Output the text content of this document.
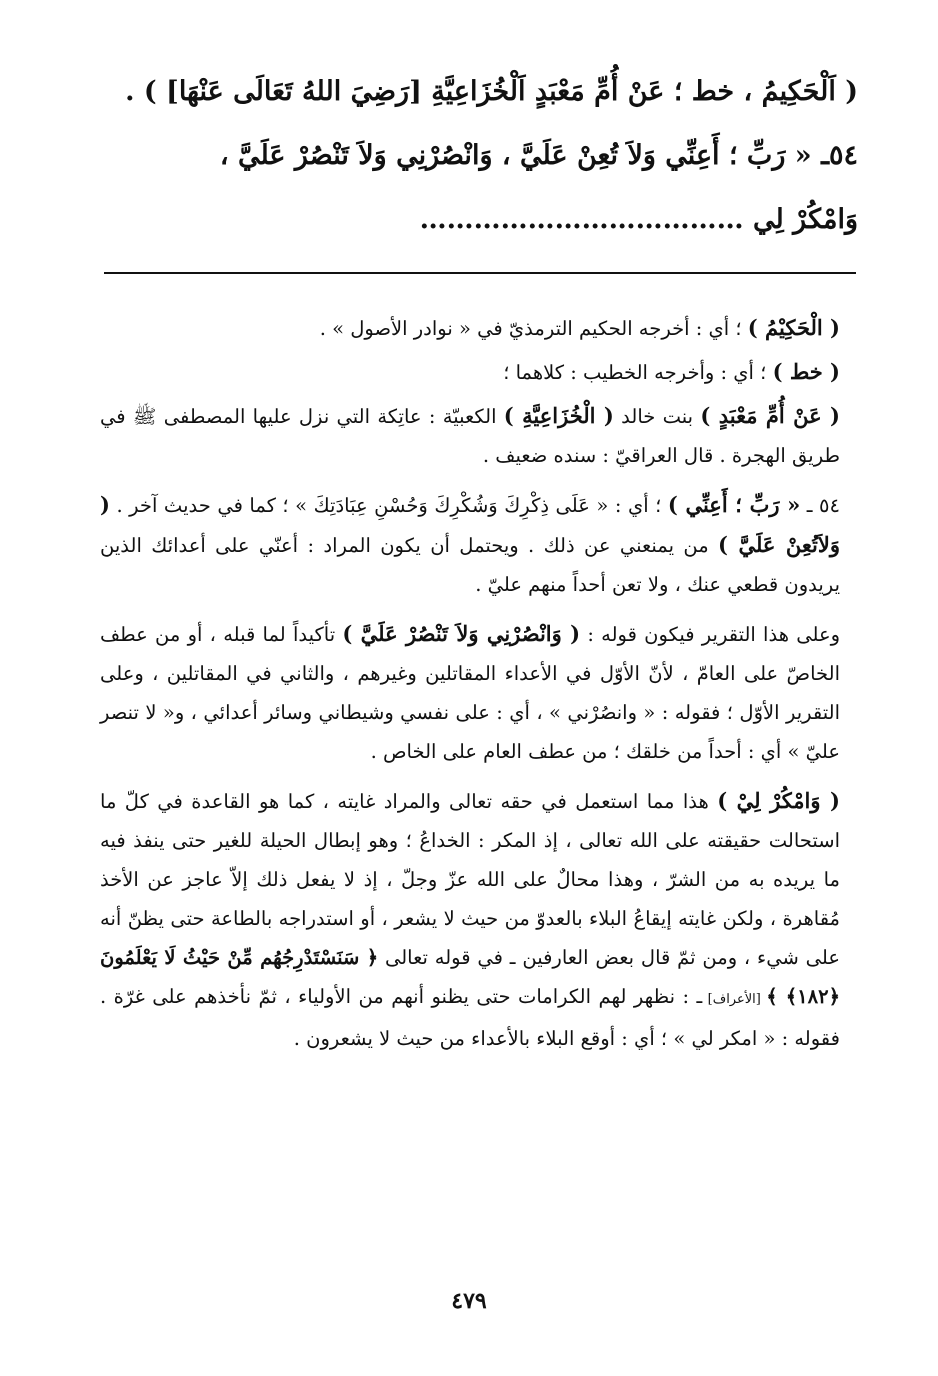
( اَلْحَكِيمُ ، خط ؛ عَنْ أُمِّ مَعْبَدٍ اَلْخُزَاعِيَّةِ [رَضِيَ اللهُ تَعَالَى عَنْهَا] ) .

٥٤ـ « رَبِّ ؛ أَعِنِّي وَلاَ تُعِنْ عَلَيَّ ، وَانْصُرْنِي وَلاَ تَنْصُرْ عَلَيَّ ،

وَامْكُرْ لِي ………………………………

( الْحَكِيْمُ ) ؛ أي : أخرجه الحكيم الترمذيّ في « نوادر الأصول » .

( خط ) ؛ أي : وأخرجه الخطيب : كلاهما ؛

( عَنْ أُمِّ مَعْبَدٍ ) بنت خالد ( الْخُزَاعِيَّةِ ) الكعبيّة : عاتِكة التي نزل عليها المصطفى ﷺ في طريق الهجرة . قال العراقيّ : سنده ضعيف .

٥٤ ـ « رَبِّ ؛ أَعِنِّي ) ؛ أي : « عَلَى ذِكْرِكَ وَشُكْرِكَ وَحُسْنِ عِبَادَتِكَ » ؛ كما في حديث آخر . ( وَلاَتُعِنْ عَلَيَّ ) من يمنعني عن ذلك . ويحتمل أن يكون المراد : أعنّي على أعدائك الذين يريدون قطعي عنك ، ولا تعن أحداً منهم عليّ .

وعلى هذا التقرير فيكون قوله : ( وَانْصُرْنِي وَلاَ تَنْصُرْ عَلَيَّ ) تأكيداً لما قبله ، أو من عطف الخاصّ على العامّ ، لأنّ الأوّل في الأعداء المقاتلين وغيرهم ، والثاني في المقاتلين ، وعلى التقرير الأوّل ؛ فقوله : « وانصُرْني » ، أي : على نفسي وشيطاني وسائر أعدائي ، و« لا تنصر عليّ » أي : أحداً من خلقك ؛ من عطف العام على الخاص .

( وَامْكُرْ لِيْ ) هذا مما استعمل في حقه تعالى والمراد غايته ، كما هو القاعدة في كلّ ما استحالت حقيقته على الله تعالى ، إذ المكر : الخداعُ ؛ وهو إبطال الحيلة للغير حتى ينفذ فيه ما يريده به من الشرّ ، وهذا محالٌ على الله عزّ وجلّ ، إذ لا يفعل ذلك إلاّ عاجز عن الأخذ مُقاهرة ، ولكن غايته إيقاعُ البلاء بالعدوّ من حيث لا يشعر ، أو استدراجه بالطاعة حتى يظنّ أنه على شيء ، ومن ثمّ قال بعض العارفين ـ في قوله تعالى ﴿ سَنَسْتَدْرِجُهُم مِّنْ حَيْثُ لَا يَعْلَمُونَ ﴿١٨٢﴾ ﴾ [الأعراف] ـ : نظهر لهم الكرامات حتى يظنو أنهم من الأولياء ، ثمّ نأخذهم على غرّة . فقوله : « امكر لي » ؛ أي : أوقع البلاء بالأعداء من حيث لا يشعرون .

٤٧٩
